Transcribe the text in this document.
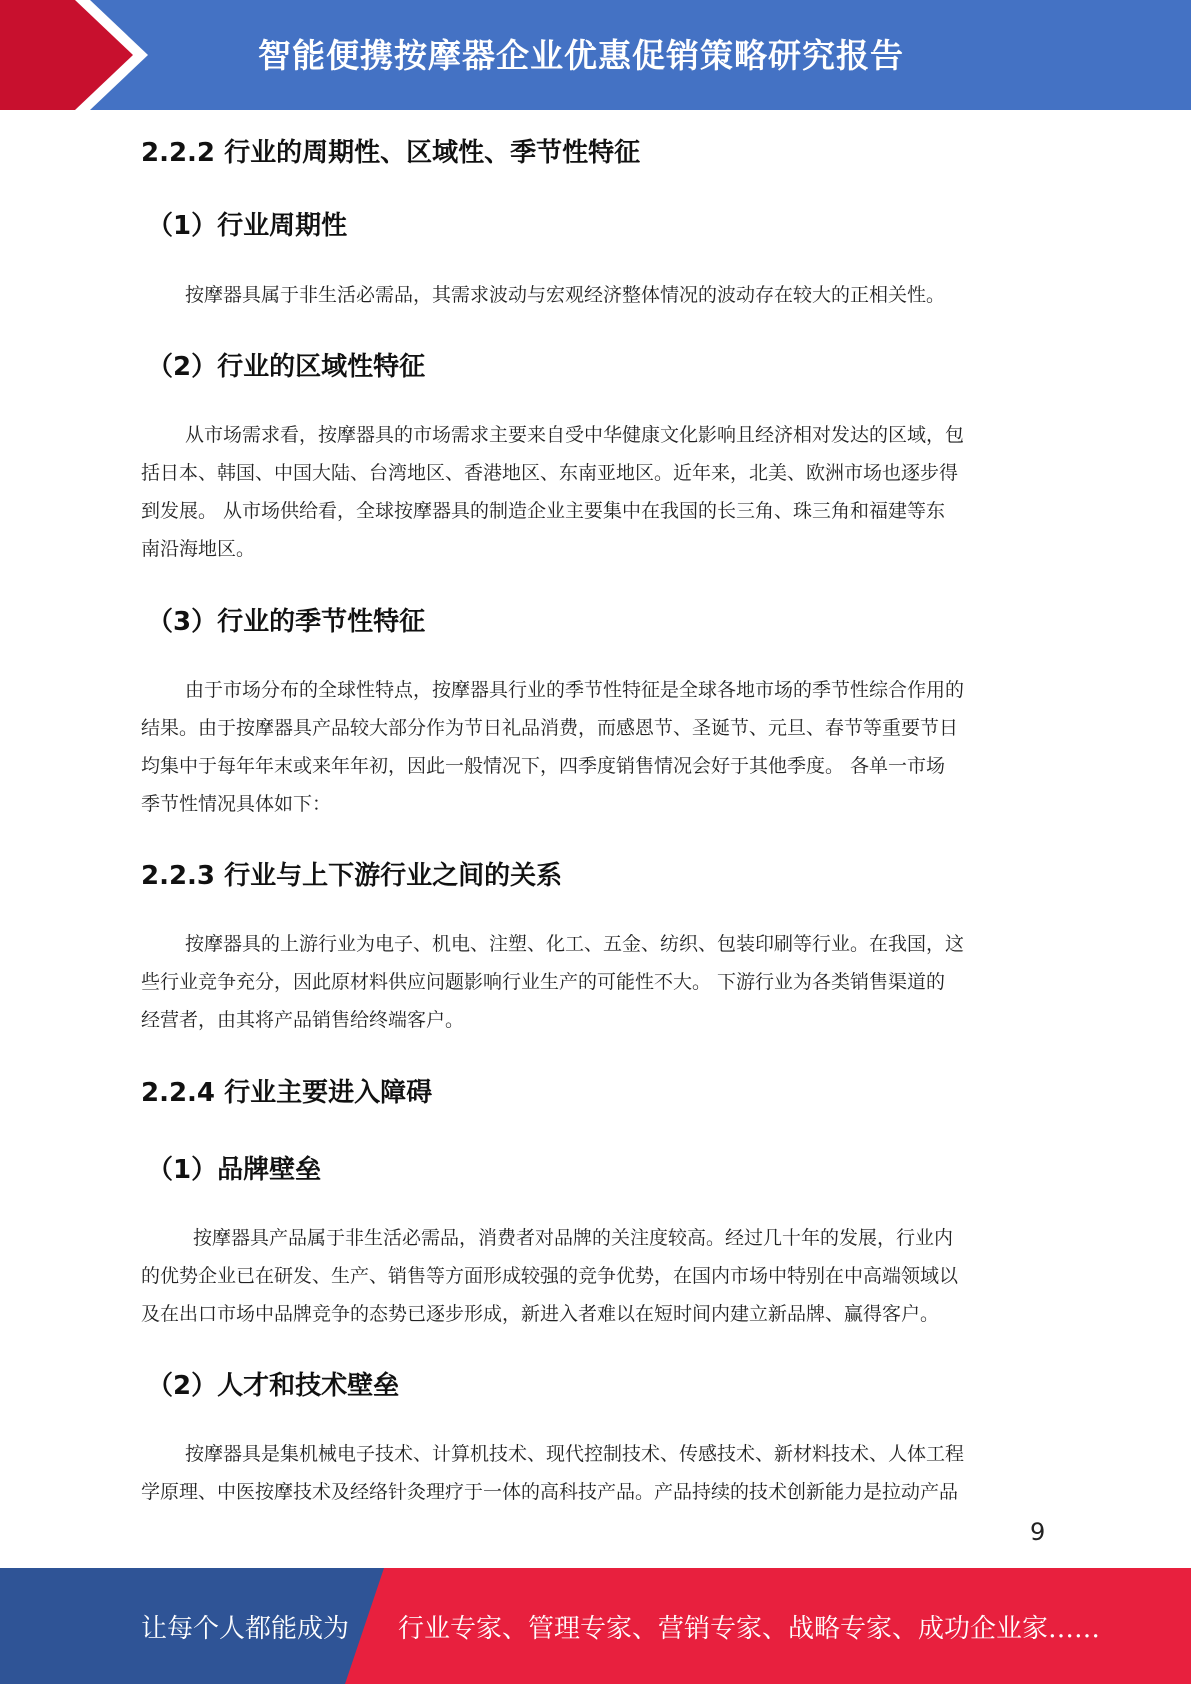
智能便携按摩器企业优惠促销策略研究报告
2.2.2 行业的周期性、区域性、季节性特征
（1）行业周期性
按摩器具属于非生活必需品，其需求波动与宏观经济整体情况的波动存在较大的正相关性。
（2）行业的区域性特征
从市场需求看，按摩器具的市场需求主要来自受中华健康文化影响且经济相对发达的区域，包
括日本、韩国、中国大陆、台湾地区、香港地区、东南亚地区。近年来，北美、欧洲市场也逐步得
到发展。 从市场供给看，全球按摩器具的制造企业主要集中在我国的长三角、珠三角和福建等东
南沿海地区。
（3）行业的季节性特征
由于市场分布的全球性特点，按摩器具行业的季节性特征是全球各地市场的季节性综合作用的
结果。由于按摩器具产品较大部分作为节日礼品消费，而感恩节、圣诞节、元旦、春节等重要节日
均集中于每年年末或来年年初，因此一般情况下，四季度销售情况会好于其他季度。 各单一市场
季节性情况具体如下：
2.2.3 行业与上下游行业之间的关系
按摩器具的上游行业为电子、机电、注塑、化工、五金、纺织、包装印刷等行业。在我国，这
些行业竞争充分，因此原材料供应问题影响行业生产的可能性不大。 下游行业为各类销售渠道的
经营者，由其将产品销售给终端客户。
2.2.4 行业主要进入障碍
（1）品牌壁垒
按摩器具产品属于非生活必需品，消费者对品牌的关注度较高。经过几十年的发展，行业内
的优势企业已在研发、生产、销售等方面形成较强的竞争优势，在国内市场中特别在中高端领域以
及在出口市场中品牌竞争的态势已逐步形成，新进入者难以在短时间内建立新品牌、赢得客户。
（2）人才和技术壁垒
按摩器具是集机械电子技术、计算机技术、现代控制技术、传感技术、新材料技术、人体工程
学原理、中医按摩技术及经络针灸理疗于一体的高科技产品。产品持续的技术创新能力是拉动产品
9
让每个人都能成为 行业专家、管理专家、营销专家、战略专家、成功企业家……
